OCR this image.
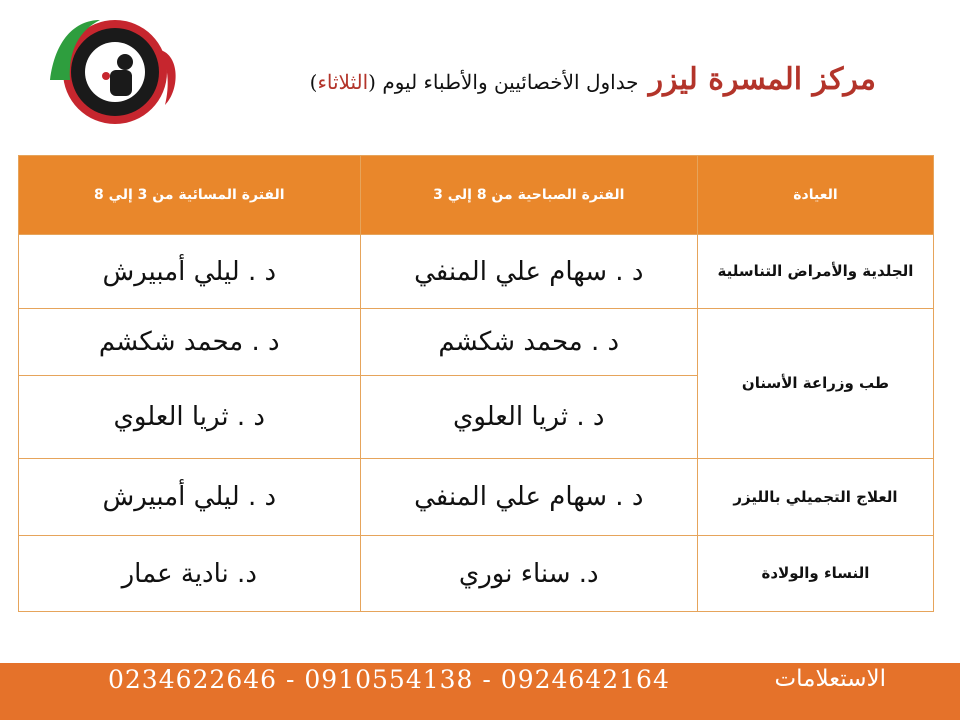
مركز المسرة ليزر
جداول الأخصائيين والأطباء ليوم (الثلاثاء)
العيادة	الفترة الصباحية من 8 إلي 3	الفترة المسائية من 3 إلي 8
الجلدية والأمراض التناسلية	د . سهام علي المنفي	د . ليلي أمبيرش
طب وزراعة الأسنان	د . محمد شكشم	د . محمد شكشم
	د . ثريا العلوي	د . ثريا العلوي
العلاج التجميلي بالليزر	د . سهام علي المنفي	د . ليلي أمبيرش
النساء والولادة	د. سناء نوري	د. نادية عمار
0234622646 - 0910554138 - 0924642164	الاستعلامات
